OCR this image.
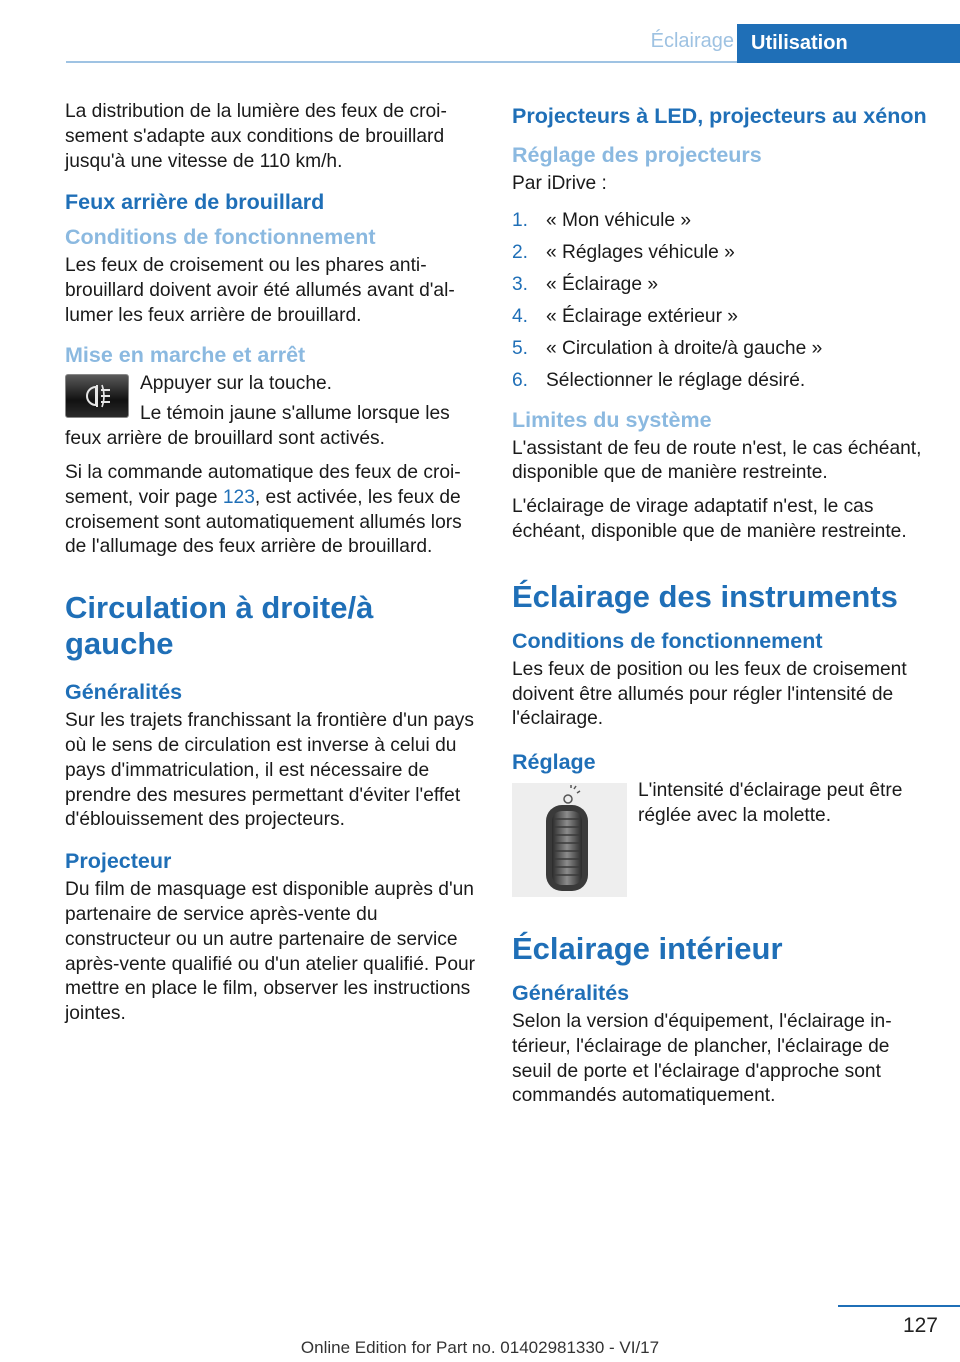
Éclairage Utilisation

La distribution de la lumière des feux de croisement s'adapte aux conditions de brouillard jusqu'à une vitesse de 110 km/h.

Feux arrière de brouillard
Conditions de fonctionnement

Les feux de croisement ou les phares antibrouillard doivent avoir été allumés avant d'allumer les feux arrière de brouillard.

Mise en marche et arrêt

Appuyer sur la touche.

Le témoin jaune s'allume lorsque les feux arrière de brouillard sont activés.

Si la commande automatique des feux de croisement, voir page 123, est activée, les feux de croisement sont automatiquement allumés lors de l'allumage des feux arrière de brouillard.

Circulation à droite/à gauche
Généralités

Sur les trajets franchissant la frontière d'un pays où le sens de circulation est inverse à celui du pays d'immatriculation, il est nécessaire de prendre des mesures permettant d'éviter l'effet d'éblouissement des projecteurs.

Projecteur

Du film de masquage est disponible auprès d'un partenaire de service après-vente du constructeur ou un autre partenaire de service après-vente qualifié ou d'un atelier qualifié. Pour mettre en place le film, observer les instructions jointes.

Projecteurs à LED, projecteurs au xénon
Réglage des projecteurs

Par iDrive :

1. « Mon véhicule »
2. « Réglages véhicule »
3. « Éclairage »
4. « Éclairage extérieur »
5. « Circulation à droite/à gauche »
6. Sélectionner le réglage désiré.
Limites du système

L'assistant de feu de route n'est, le cas échéant, disponible que de manière restreinte.

L'éclairage de virage adaptatif n'est, le cas échéant, disponible que de manière restreinte.

Éclairage des instruments
Conditions de fonctionnement

Les feux de position ou les feux de croisement doivent être allumés pour régler l'intensité de l'éclairage.

Réglage

L'intensité d'éclairage peut être réglée avec la molette.

Éclairage intérieur
Généralités

Selon la version d'équipement, l'éclairage intérieur, l'éclairage de plancher, l'éclairage de seuil de porte et l'éclairage d'approche sont commandés automatiquement.

127
Online Edition for Part no. 01402981330 - VI/17
